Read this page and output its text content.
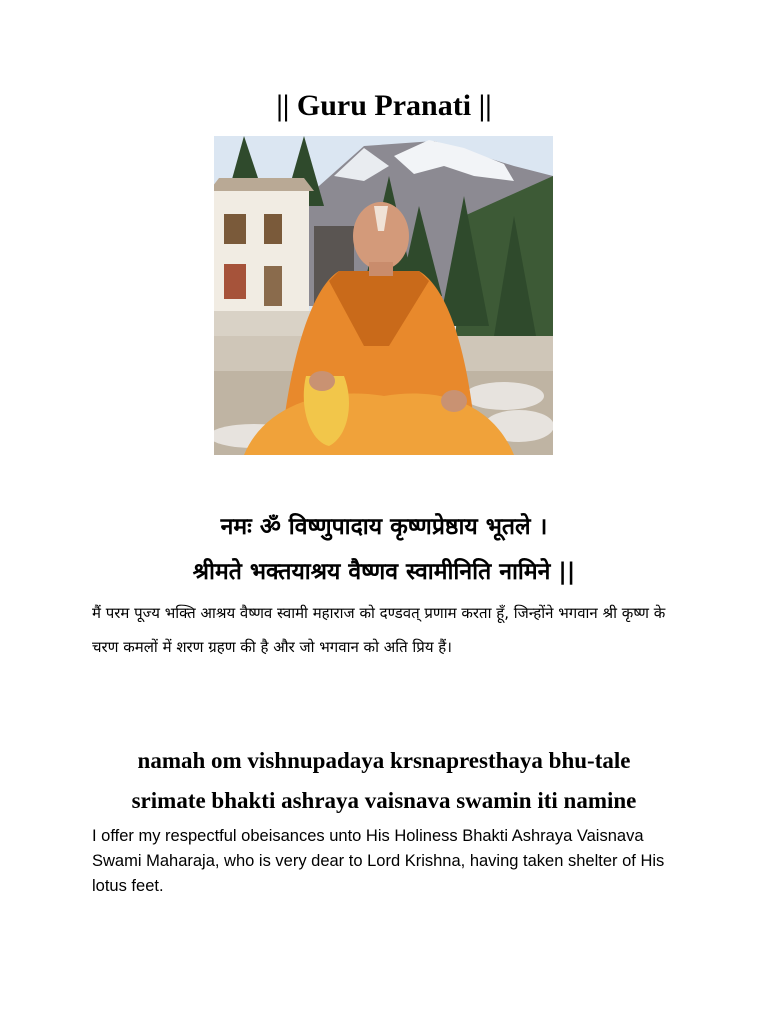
|| Guru Pranati ||

नमः ॐ विष्णुपादाय कृष्णप्रेष्ठाय भूतले ।

श्रीमते भक्तयाश्रय वैष्णव स्वामीनिति नामिने ||

मैं परम पूज्य भक्ति आश्रय वैष्णव स्वामी महाराज को दण्डवत् प्रणाम करता हूँ, जिन्होंने भगवान श्री कृष्ण के चरण कमलों में शरण ग्रहण की है और जो भगवान को अति प्रिय हैं।

namah om vishnupadaya krsnapresthaya bhu-tale

srimate bhakti ashraya vaisnava swamin iti namine

I offer my respectful obeisances unto His Holiness Bhakti Ashraya Vaisnava Swami Maharaja, who is very dear to Lord Krishna, having taken shelter of His lotus feet.
